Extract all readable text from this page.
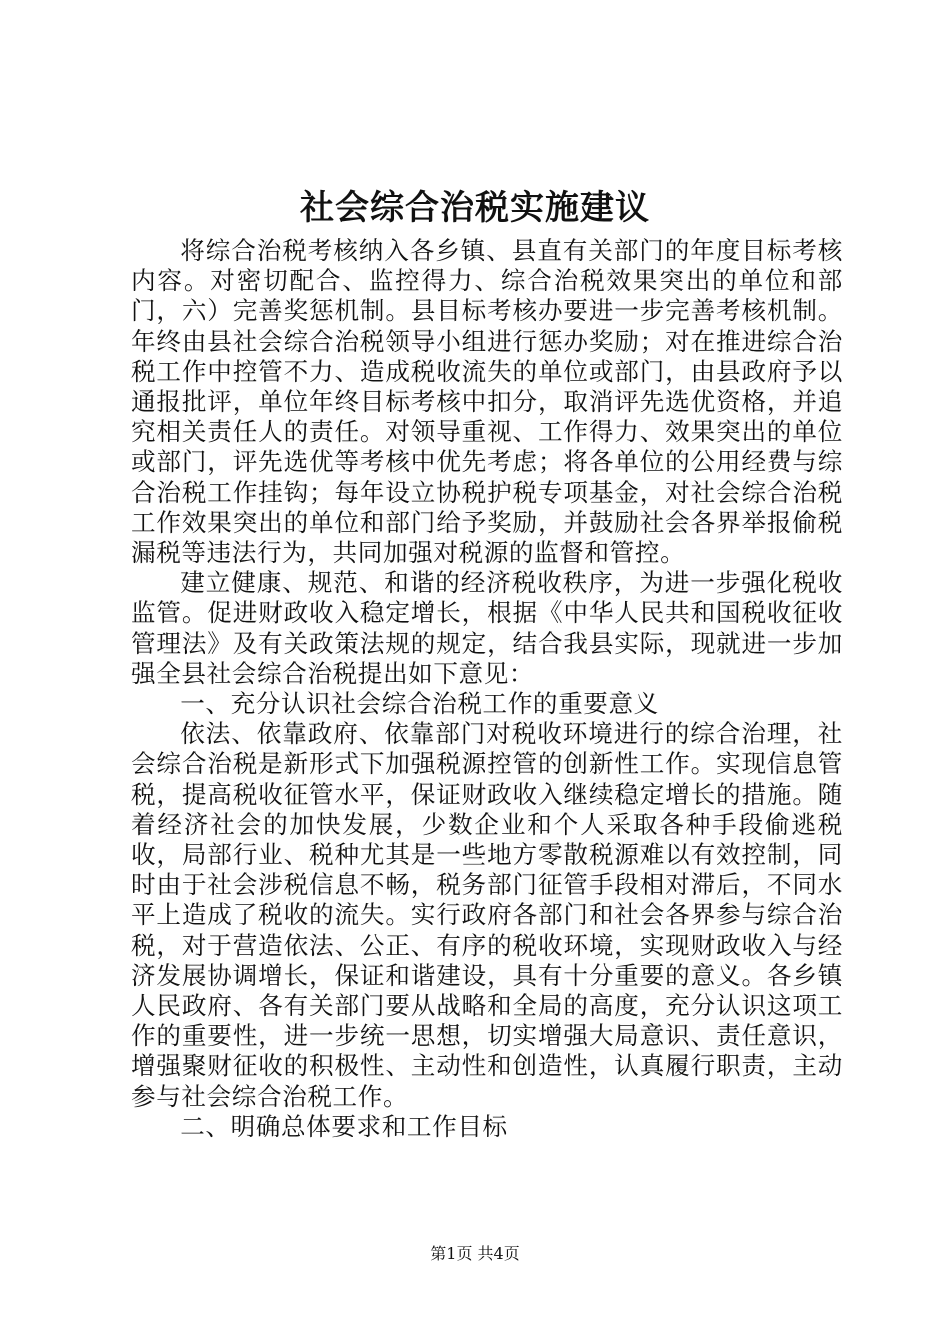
社会综合治税实施建议

将综合治税考核纳入各乡镇、县直有关部门的年度目标考核内容。对密切配合、监控得力、综合治税效果突出的单位和部门，六）完善奖惩机制。县目标考核办要进一步完善考核机制。年终由县社会综合治税领导小组进行惩办奖励；对在推进综合治税工作中控管不力、造成税收流失的单位或部门，由县政府予以通报批评，单位年终目标考核中扣分，取消评先选优资格，并追究相关责任人的责任。对领导重视、工作得力、效果突出的单位或部门，评先选优等考核中优先考虑；将各单位的公用经费与综合治税工作挂钩；每年设立协税护税专项基金，对社会综合治税工作效果突出的单位和部门给予奖励，并鼓励社会各界举报偷税漏税等违法行为，共同加强对税源的监督和管控。

建立健康、规范、和谐的经济税收秩序，为进一步强化税收监管。促进财政收入稳定增长，根据《中华人民共和国税收征收管理法》及有关政策法规的规定，结合我县实际，现就进一步加强全县社会综合治税提出如下意见：

一、充分认识社会综合治税工作的重要意义

依法、依靠政府、依靠部门对税收环境进行的综合治理，社会综合治税是新形式下加强税源控管的创新性工作。实现信息管税，提高税收征管水平，保证财政收入继续稳定增长的措施。随着经济社会的加快发展，少数企业和个人采取各种手段偷逃税收，局部行业、税种尤其是一些地方零散税源难以有效控制，同时由于社会涉税信息不畅，税务部门征管手段相对滞后，不同水平上造成了税收的流失。实行政府各部门和社会各界参与综合治税，对于营造依法、公正、有序的税收环境，实现财政收入与经济发展协调增长，保证和谐建设，具有十分重要的意义。各乡镇人民政府、各有关部门要从战略和全局的高度，充分认识这项工作的重要性，进一步统一思想，切实增强大局意识、责任意识，增强聚财征收的积极性、主动性和创造性，认真履行职责，主动参与社会综合治税工作。

二、明确总体要求和工作目标

第1页 共4页
